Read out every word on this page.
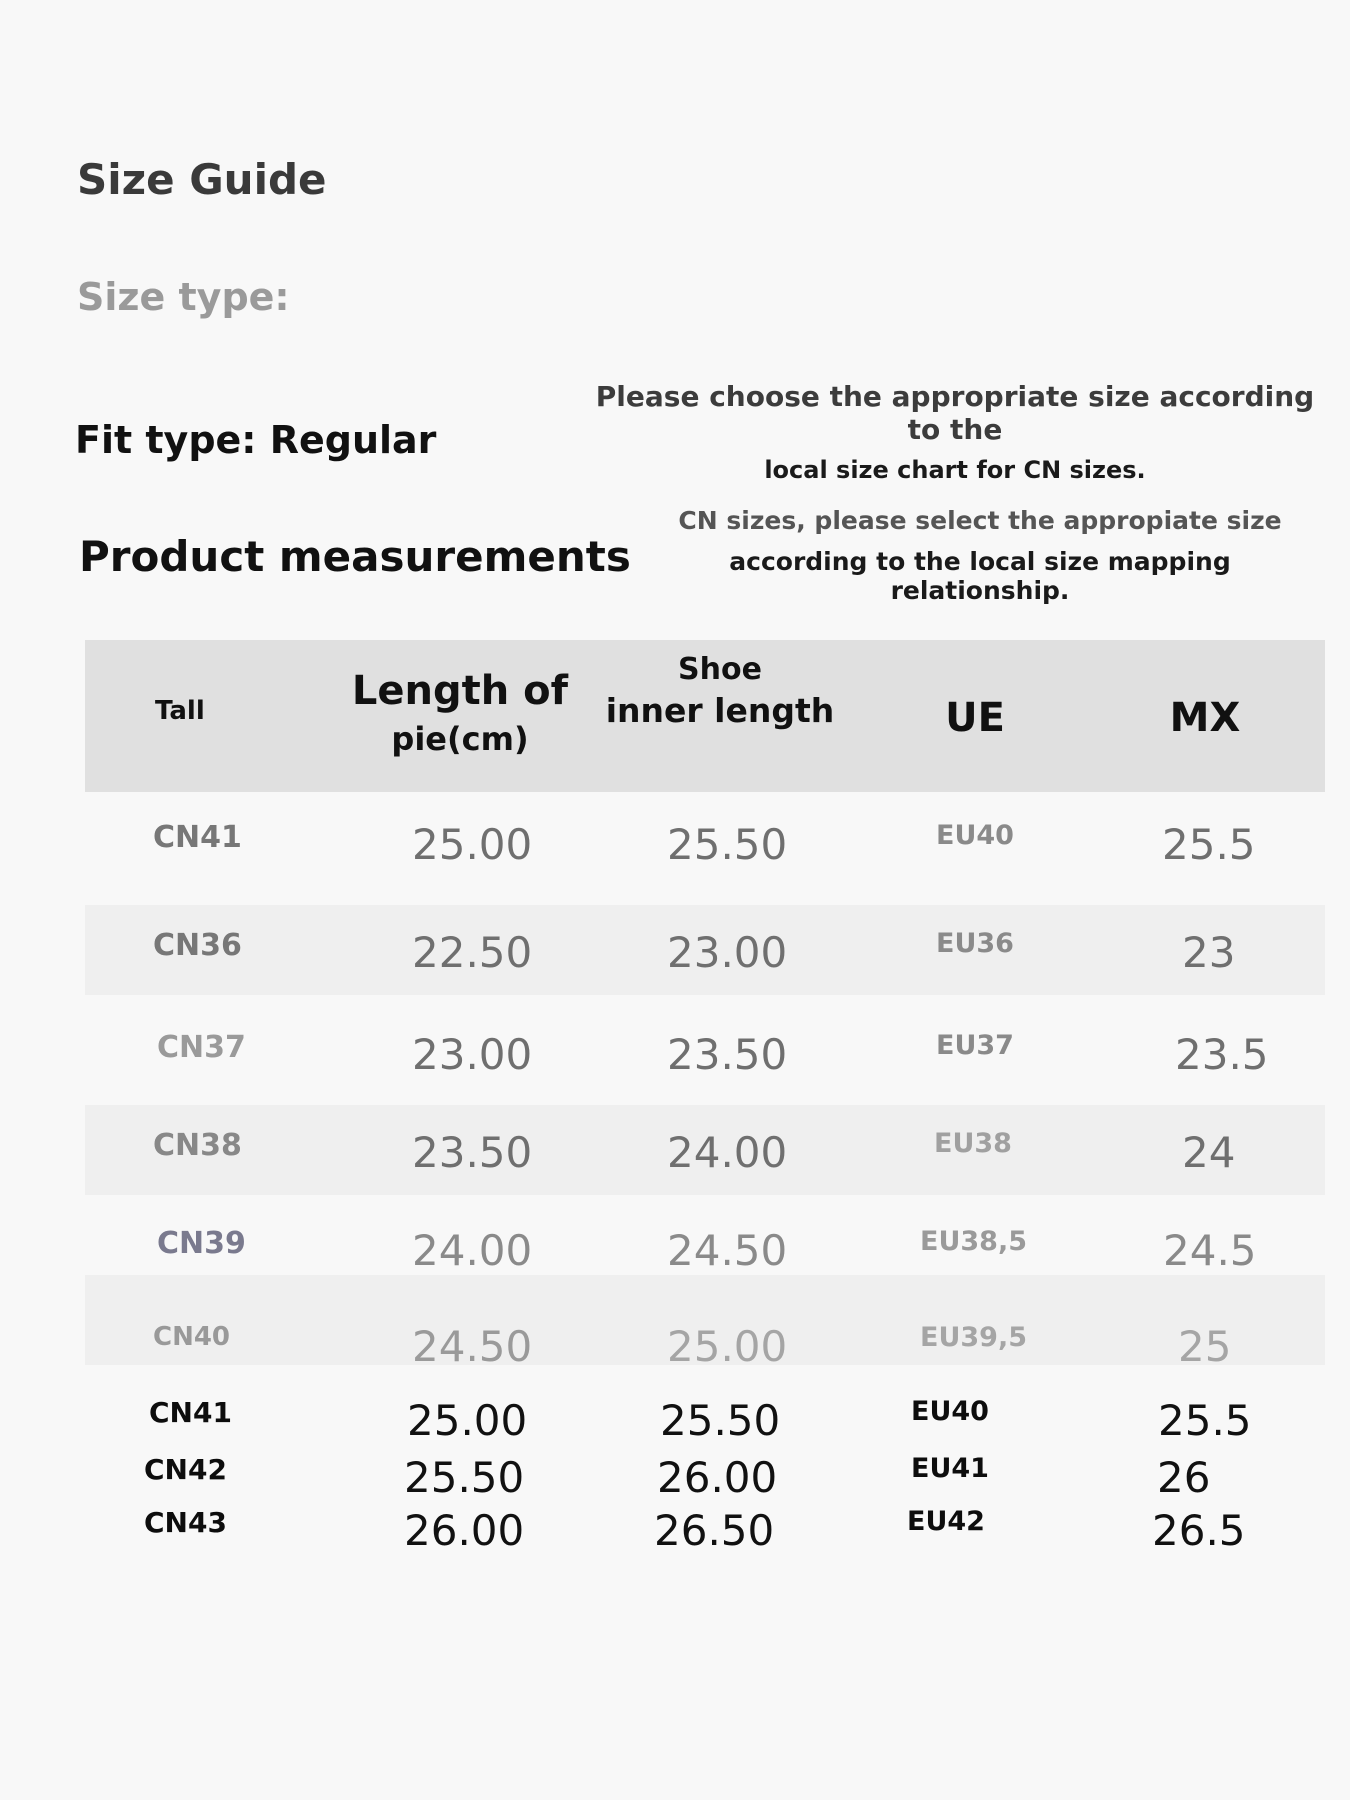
Size Guide
Size type:
Fit type: Regular
Product measurements
Please choose the appropriate size according to the
local size chart for CN sizes.
CN sizes, please select the appropiate size
according to the local size mapping relationship.
Tall	Length of
pie(cm)
Shoe
inner length	UE	MX
CN41	25.00	25.50	EU40	25.5
CN36	22.50	23.00	EU36	23
CN37	23.00	23.50	EU37	23.5
CN38	23.50	24.00	EU38	24
CN39	24.00	24.50	EU38,5	24.5
CN40	24.50	25.00	EU39,5	25
CN41	25.00	25.50	EU40	25.5
CN42	25.50	26.00	EU41	26
CN43	26.00	26.50	EU42	26.5
